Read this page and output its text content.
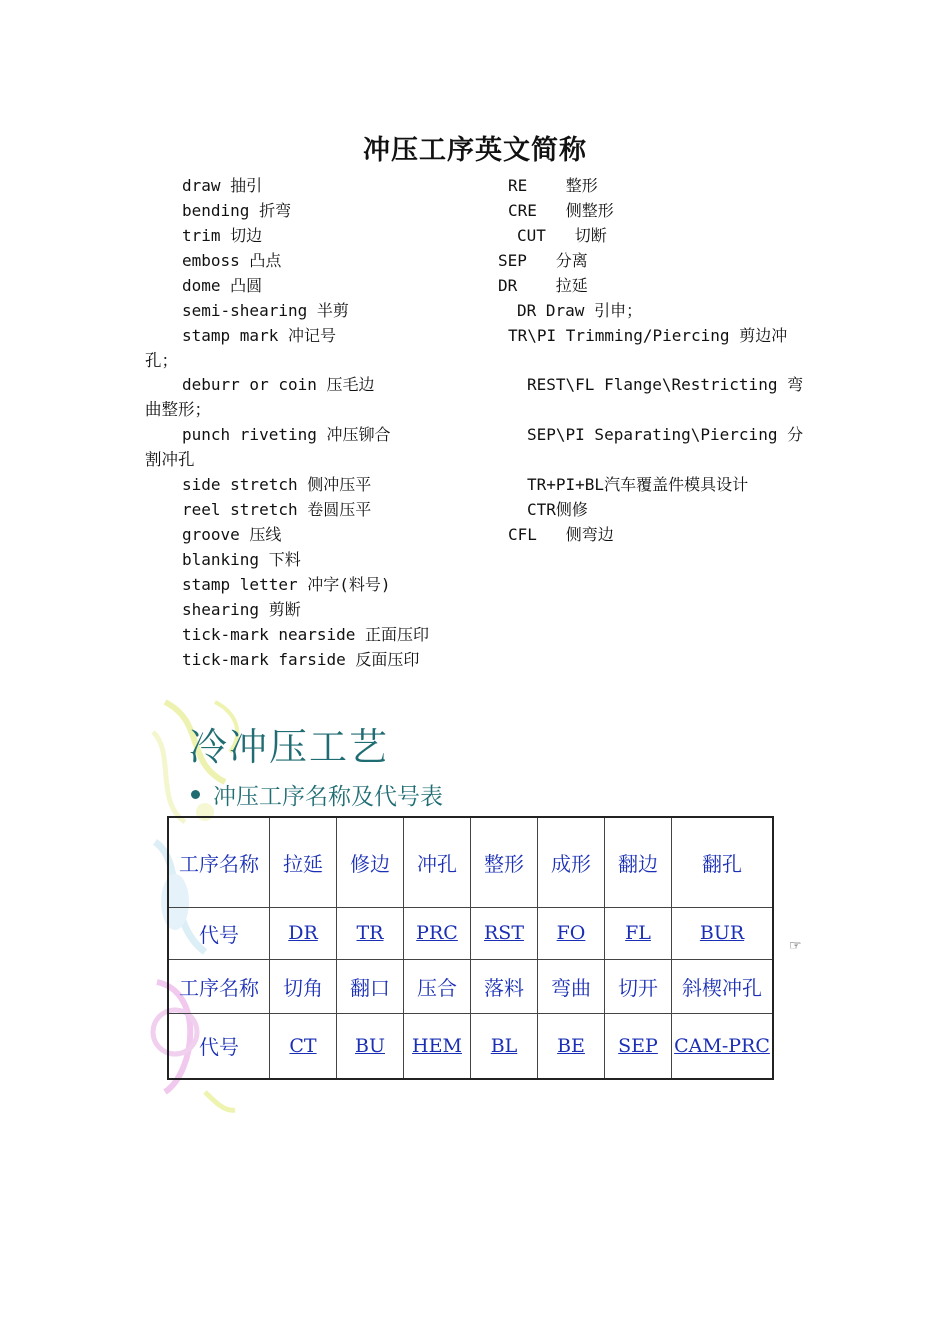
冲压工序英文简称
draw 抽引
bending 折弯
trim 切边
emboss 凸点
dome 凸圆
semi-shearing 半剪
stamp mark 冲记号
deburr or coin 压毛边
punch riveting 冲压铆合
side stretch 侧冲压平
reel stretch 卷圆压平
groove 压线
blanking 下料
stamp letter 冲字(料号)
shearing 剪断
tick-mark nearside 正面压印
tick-mark farside 反面压印
RE    整形
CRE   侧整形
CUT   切断
SEP   分离
DR    拉延
DR Draw 引申；
TR\PI Trimming/Piercing 剪边冲
REST\FL Flange\Restricting 弯
SEP\PI Separating\Piercing 分
TR+PI+BL汽车覆盖件模具设计
CTR侧修
CFL   侧弯边
孔；
曲整形；
割冲孔
冷冲压工艺
冲压工序名称及代号表
工序名称	拉延	修边	冲孔	整形	成形	翻边	翻孔
代号	DR	TR	PRC	RST	FO	FL	BUR
工序名称	切角	翻口	压合	落料	弯曲	切开	斜楔冲孔
代号	CT	BU	HEM	BL	BE	SEP	CAM-PRC
☞
